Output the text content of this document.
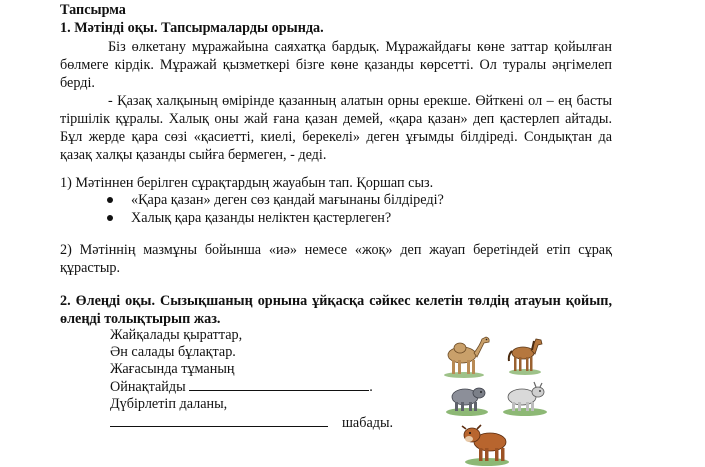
Тапсырма
1. Мәтінді оқы. Тапсырмаларды орында.
Біз өлкетану мұражайына саяхатқа бардық. Мұражайдағы көне заттар қойылған
бөлмеге кірдік. Мұражай қызметкері бізге көне қазанды көрсетті. Ол туралы әңгімелеп
берді.
- Қазақ халқының өмірінде қазанның алатын орны ерекше. Өйткені ол – ең басты
тіршілік құралы. Халық оны жай ғана қазан демей, «қара қазан» деп қастерлеп айтады.
Бұл жерде қара сөзі «қасиетті, киелі, берекелі» деген ұғымды білдіреді. Сондықтан да
қазақ халқы қазанды сыйға бермеген, - деді.
1) Мәтіннен берілген сұрақтардың жауабын тап. Қоршап сыз.
«Қара қазан» деген сөз қандай мағынаны білдіреді?
Халық қара қазанды неліктен қастерлеген?
2) Мәтіннің мазмұны бойынша «иә» немесе «жоқ» деп жауап беретіндей етіп сұрақ
құрастыр.
2. Өлеңді оқы. Сызықшаның орнына ұйқасқа сәйкес келетін төлдің атауын қойып,
өлеңді толықтырып жаз.
Жайқалады қыраттар,
Ән салады бұлақтар.
Жағасында тұманың
Ойнақтайды	.
Дүбірлетіп даланы,
шабады.
